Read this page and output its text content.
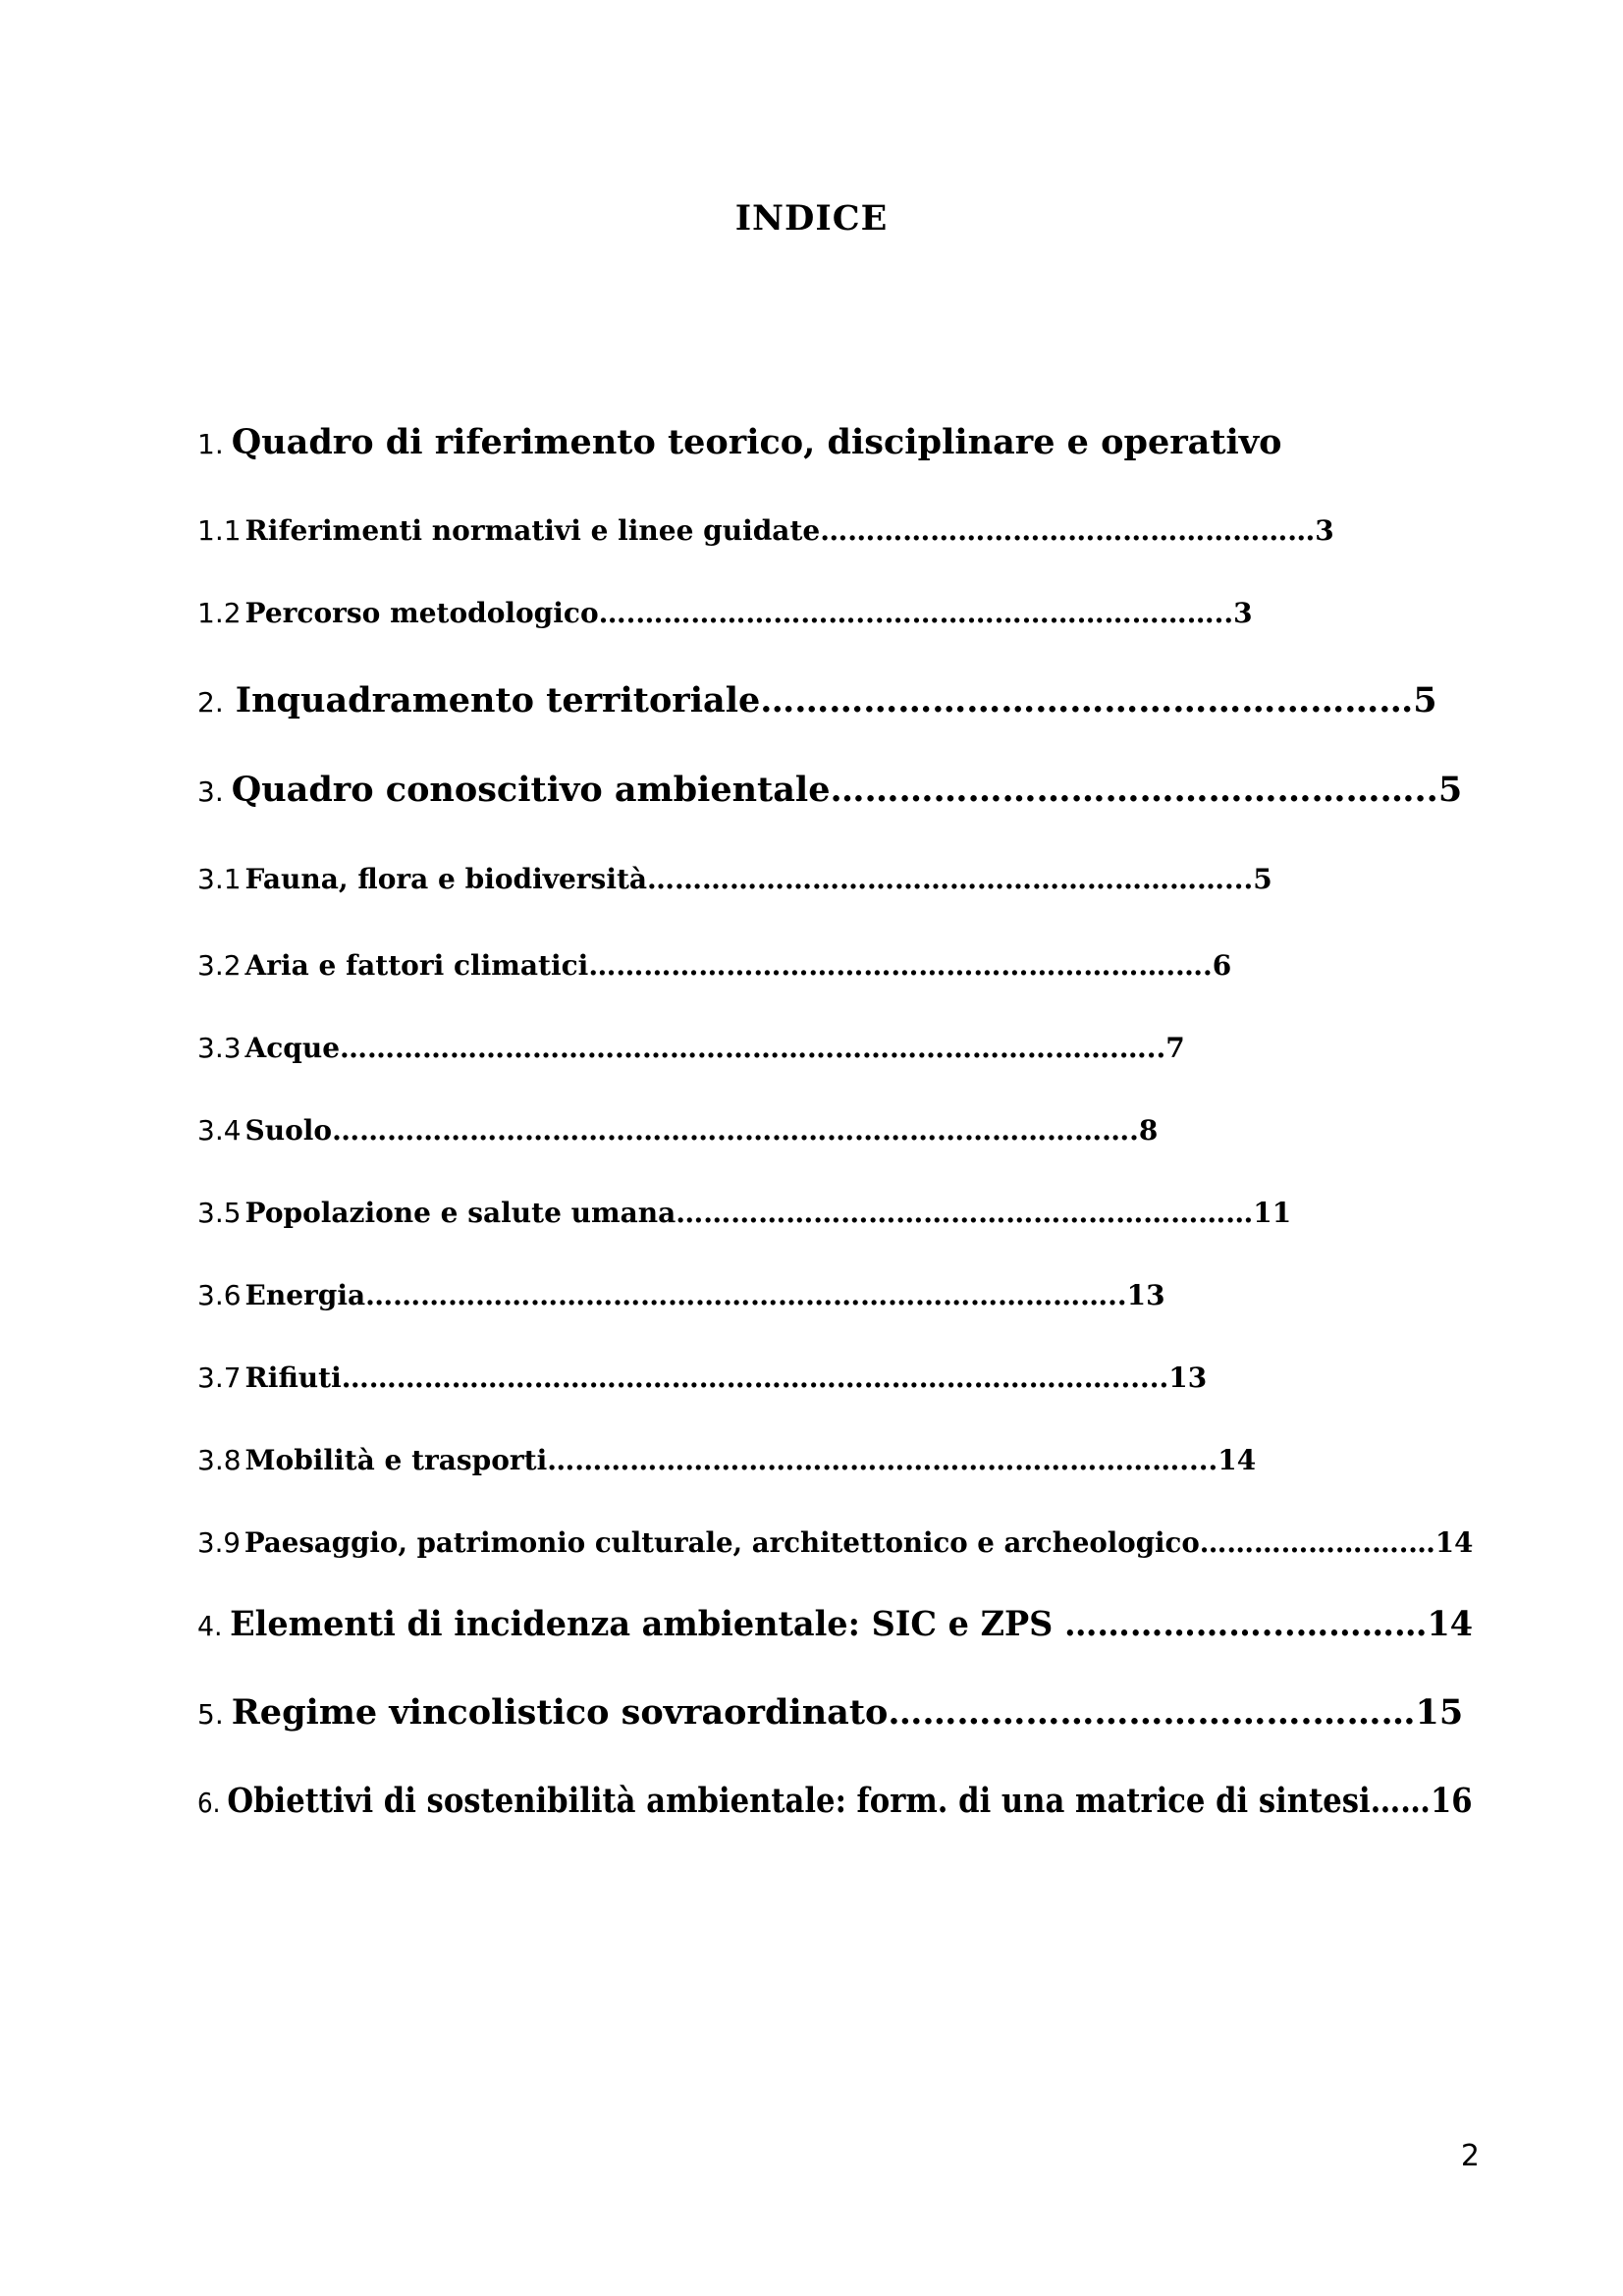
INDICE
1. Quadro di riferimento teorico, disciplinare e operativo
1.1 Riferimenti normativi e linee guidate………………………………………………3
1.2 Percorso metodologico….……………………...………………………………..3
2. Inquadramento territoriale…………………………………………………5
3. Quadro conoscitivo ambientale……………………………………………..5
3.1 Fauna, flora e biodiversità………………………………………………………...5
3.2 Aria e fattori climatici……………………………………………………….….6
3.3 Acque………………………………………………………………………….…..7
3.4 Suolo…………………………………………………………………………….8
3.5 Popolazione e salute umana………………………………………………………11
3.6 Energia………………………………………………………………………..13
3.7 Rifiuti…………………………………………………………………………......13
3.8 Mobilità e trasporti……………………………………………………………....14
3.9 Paesaggio, patrimonio culturale, architettonico e archeologico……………….….…14
4. Elementi di incidenza ambientale: SIC e ZPS ………………...…………14
5. Regime vincolistico sovraordinato……………………………….………15
6. Obiettivi di sostenibilità ambientale: form. di una matrice di sintesi……16
2
